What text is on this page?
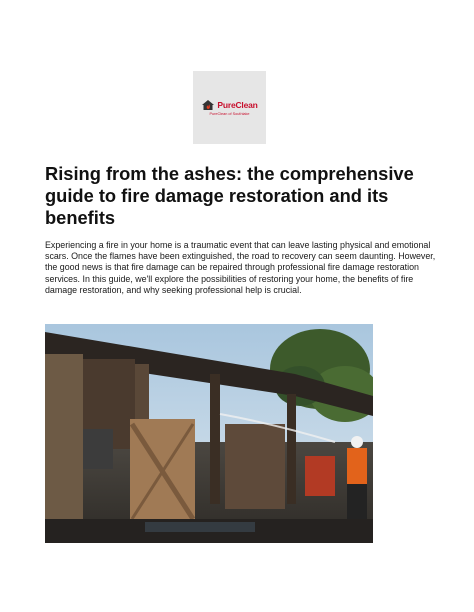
PureClean
PureClean of Southlake
Rising from the ashes: the comprehensive guide to fire damage restoration and its benefits

Experiencing a fire in your home is a traumatic event that can leave lasting physical and emotional scars. Once the flames have been extinguished, the road to recovery can seem daunting. However, the good news is that fire damage can be repaired through professional fire damage restoration services. In this guide, we'll explore the possibilities of restoring your home, the benefits of fire damage restoration, and why seeking professional help is crucial.
